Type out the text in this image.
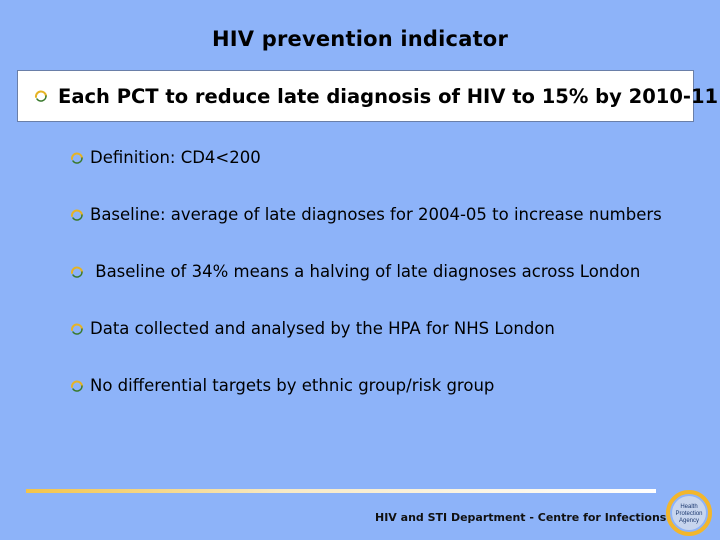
HIV prevention indicator
Each PCT to reduce late diagnosis of HIV to 15% by 2010-11
Definition: CD4<200
Baseline: average of late diagnoses for 2004-05 to increase numbers
Baseline of 34% means a halving of late diagnoses across London
Data collected and analysed by the HPA for NHS London
No differential targets by ethnic group/risk group
HIV and STI Department - Centre for Infections
Health
Protection
Agency
